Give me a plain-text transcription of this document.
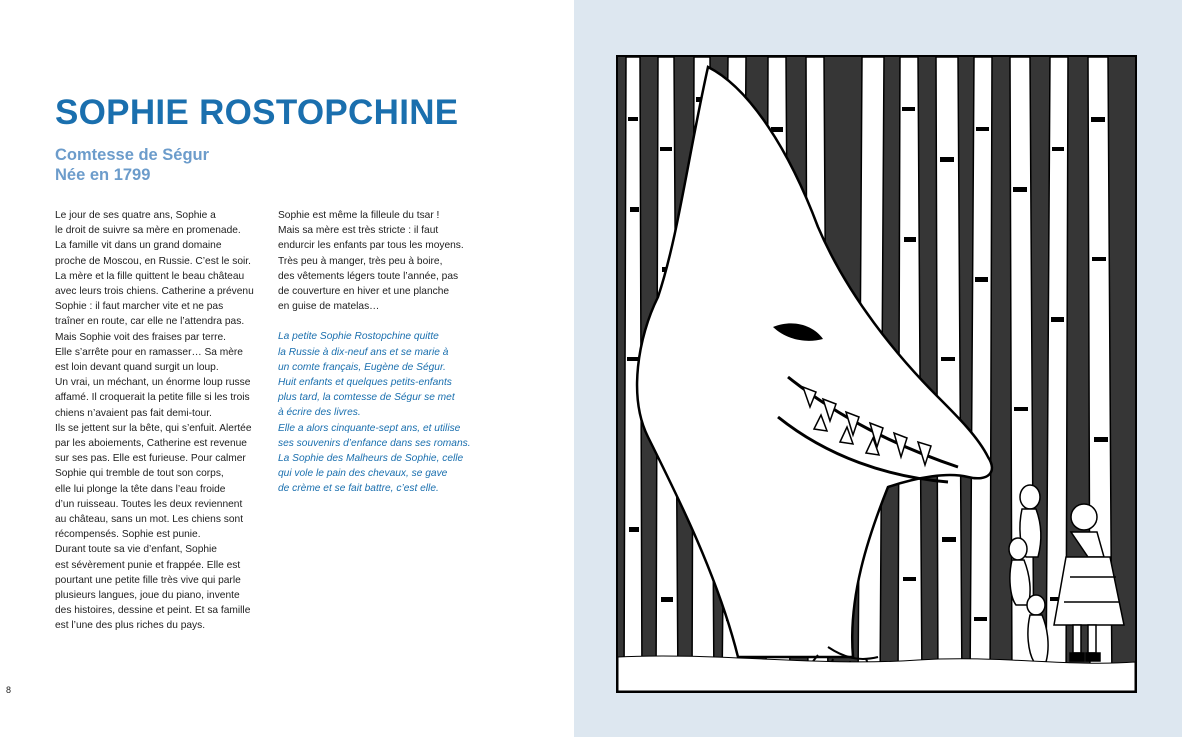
SOPHIE ROSTOPCHINE
Comtesse de Ségur
Née en 1799
Le jour de ses quatre ans, Sophie a
le droit de suivre sa mère en promenade.
La famille vit dans un grand domaine
proche de Moscou, en Russie. C’est le soir.
La mère et la fille quittent le beau château
avec leurs trois chiens. Catherine a prévenu
Sophie : il faut marcher vite et ne pas
traîner en route, car elle ne l’attendra pas.
Mais Sophie voit des fraises par terre.
Elle s’arrête pour en ramasser… Sa mère
est loin devant quand surgit un loup.
Un vrai, un méchant, un énorme loup russe
affamé. Il croquerait la petite fille si les trois
chiens n’avaient pas fait demi-tour.
Ils se jettent sur la bête, qui s’enfuit. Alertée
par les aboiements, Catherine est revenue
sur ses pas. Elle est furieuse. Pour calmer
Sophie qui tremble de tout son corps,
elle lui plonge la tête dans l’eau froide
d’un ruisseau. Toutes les deux reviennent
au château, sans un mot. Les chiens sont
récompensés. Sophie est punie.
Durant toute sa vie d’enfant, Sophie
est sévèrement punie et frappée. Elle est
pourtant une petite fille très vive qui parle
plusieurs langues, joue du piano, invente
des histoires, dessine et peint. Et sa famille
est l’une des plus riches du pays.
Sophie est même la filleule du tsar !
Mais sa mère est très stricte : il faut
endurcir les enfants par tous les moyens.
Très peu à manger, très peu à boire,
des vêtements légers toute l’année, pas
de couverture en hiver et une planche
en guise de matelas…
La petite Sophie Rostopchine quitte
la Russie à dix-neuf ans et se marie à
un comte français, Eugène de Ségur.
Huit enfants et quelques petits-enfants
plus tard, la comtesse de Ségur se met
à écrire des livres.
Elle a alors cinquante-sept ans, et utilise
ses souvenirs d’enfance dans ses romans.
La Sophie des Malheurs de Sophie, celle
qui vole le pain des chevaux, se gave
de crème et se fait battre, c’est elle.
8
